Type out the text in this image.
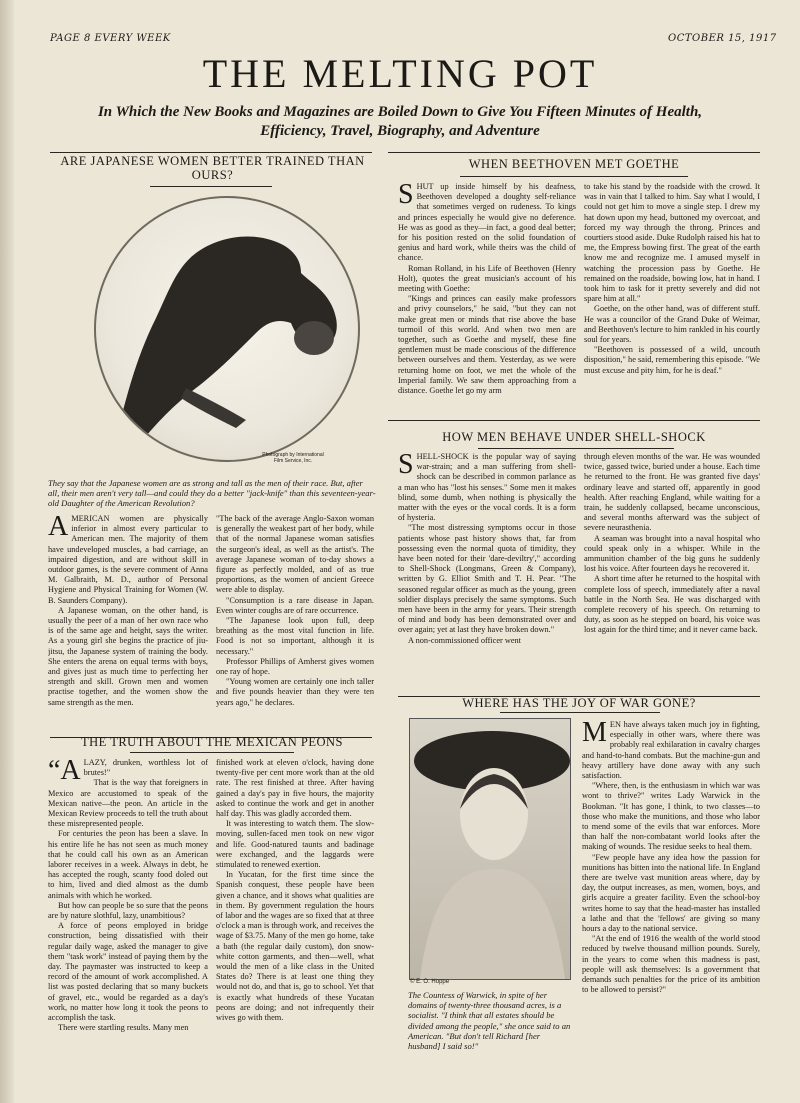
PAGE 8 EVERY WEEK	OCTOBER 15, 1917
THE MELTING POT
In Which the New Books and Magazines are Boiled Down to Give You Fifteen Minutes of Health, Efficiency, Travel, Biography, and Adventure
ARE JAPANESE WOMEN BETTER TRAINED THAN OURS?
Photograph by International Film Service, Inc.
They say that the Japanese women are as strong and tall as the men of their race. But, after all, their men aren't very tall—and could they do a better "jack-knife" than this seventeen-year-old Daughter of the American Revolution?

AMERICAN women are physically inferior in almost every particular to American men. The majority of them have undeveloped muscles, a bad carriage, an impaired digestion, and are without skill in outdoor games, is the severe comment of Anna M. Galbraith, M. D., author of Personal Hygiene and Physical Training for Women (W. B. Saunders Company).

A Japanese woman, on the other hand, is usually the peer of a man of her own race who is of the same age and height, says the writer. As a young girl she begins the practice of jiu-jitsu, the Japanese system of training the body. She enters the arena on equal terms with boys, and gives just as much time to perfecting her strength and skill. Grown men and women practise together, and the women show the same strength as the men.

"The back of the average Anglo-Saxon woman is generally the weakest part of her body, while that of the normal Japanese woman satisfies the surgeon's ideal, as well as the artist's. The average Japanese woman of to-day shows a figure as perfectly molded, and of as true proportions, as the women of ancient Greece were able to display.

"Consumption is a rare disease in Japan. Even winter coughs are of rare occurrence.

"The Japanese look upon full, deep breathing as the most vital function in life. Food is not so important, although it is necessary."

Professor Phillips of Amherst gives women one ray of hope.

"Young women are certainly one inch taller and five pounds heavier than they were ten years ago," he declares.

WHEN BEETHOVEN MET GOETHE

SHUT up inside himself by his deafness, Beethoven developed a doughty self-reliance that sometimes verged on rudeness. To kings and princes especially he would give no deference. He was as good as they—in fact, a good deal better; for his position rested on the solid foundation of genius and hard work, while theirs was the child of chance.

Roman Rolland, in his Life of Beethoven (Henry Holt), quotes the great musician's account of his meeting with Goethe:

"Kings and princes can easily make professors and privy counselors," he said, "but they can not make great men or minds that rise above the base turmoil of this world. And when two men are together, such as Goethe and myself, these fine gentlemen must be made conscious of the difference between ourselves and them. Yesterday, as we were returning home on foot, we met the whole of the Imperial family. We saw them approaching from a distance. Goethe let go my arm

to take his stand by the roadside with the crowd. It was in vain that I talked to him. Say what I would, I could not get him to move a single step. I drew my hat down upon my head, buttoned my overcoat, and forced my way through the throng. Princes and courtiers stood aside. Duke Rudolph raised his hat to me, the Empress bowing first. The great of the earth know me and recognize me. I amused myself in watching the procession pass by Goethe. He remained on the roadside, bowing low, hat in hand. I took him to task for it pretty severely and did not spare him at all."

Goethe, on the other hand, was of different stuff. He was a councilor of the Grand Duke of Weimar, and Beethoven's lecture to him rankled in his courtly soul for years.

"Beethoven is possessed of a wild, uncouth disposition," he said, remembering this episode. "We must excuse and pity him, for he is deaf."

HOW MEN BEHAVE UNDER SHELL-SHOCK

SHELL-SHOCK is the popular way of saying war-strain; and a man suffering from shell-shock can be described in common parlance as a man who has "lost his senses." Some men it makes blind, some dumb, when nothing is physically the matter with the eyes or the vocal cords. It is a form of hysteria.

"The most distressing symptoms occur in those patients whose past history shows that, far from possessing even the normal quota of timidity, they have been noted for their 'dare-deviltry'," according to Shell-Shock (Longmans, Green & Company), written by G. Elliot Smith and T. H. Pear. "The seasoned regular officer as much as the young, green soldier displays precisely the same symptoms. Such men have been in the army for years. Their strength of mind and body has been demonstrated over and over again; yet at last they have broken down."

A non-commissioned officer went

through eleven months of the war. He was wounded twice, gassed twice, buried under a house. Each time he returned to the front. He was granted five days' ordinary leave and started off, apparently in good health. After reaching England, while waiting for a train, he suddenly collapsed, became unconscious, and several months afterward was the subject of severe neurasthenia.

A seaman was brought into a naval hospital who could speak only in a whisper. While in the ammunition chamber of the big guns he suddenly lost his voice. After fourteen days he recovered it.

A short time after he returned to the hospital with complete loss of speech, immediately after a naval battle in the North Sea. He was discharged with complete recovery of his speech. On returning to duty, as soon as he stepped on board, his voice was lost again for the third time; and it never came back.

WHERE HAS THE JOY OF WAR GONE?
© E. O. Hoppe
The Countess of Warwick, in spite of her domains of twenty-three thousand acres, is a socialist. "I think that all estates should be divided among the people," she once said to an American. "But don't tell Richard [her husband] I said so!"

MEN have always taken much joy in fighting, especially in other wars, where there was probably real exhilaration in cavalry charges and hand-to-hand combats. But the machine-gun and heavy artillery have done away with any such satisfaction.

"Where, then, is the enthusiasm in which war was wont to thrive?" writes Lady Warwick in the Bookman. "It has gone, I think, to two classes—to those who make the munitions, and those who labor to mend some of the evils that war enforces. More than half the non-combatant world looks after the making of wounds. The residue seeks to heal them.

"Few people have any idea how the passion for munitions has bitten into the national life. In England there are twelve vast munition areas where, day by day, the output increases, as men, women, boys, and girls acquire a greater facility. Even the school-boy writes home to say that the head-master has installed a lathe and that the 'fellows' are giving so many hours a day to the national service.

"At the end of 1916 the wealth of the world stood reduced by twelve thousand million pounds. Surely, in the years to come when this madness is past, people will ask themselves: Is a government that demands such penalties for the price of its ambition to be allowed to persist?"

THE TRUTH ABOUT THE MEXICAN PEONS

“ALAZY, drunken, worthless lot of brutes!"

That is the way that foreigners in Mexico are accustomed to speak of the Mexican native—the peon. An article in the Mexican Review proceeds to tell the truth about these misrepresented people.

For centuries the peon has been a slave. In his entire life he has not seen as much money that he could call his own as an American laborer receives in a week. Always in debt, he has accepted the rough, scanty food doled out to him, lived and died almost as the dumb animals with which he worked.

But how can people be so sure that the peons are by nature slothful, lazy, unambitious?

A force of peons employed in bridge construction, being dissatisfied with their regular daily wage, asked the manager to give them "task work" instead of paying them by the day. The paymaster was instructed to keep a record of the amount of work accomplished. A list was posted declaring that so many buckets of gravel, etc., would be regarded as a day's work, no matter how long it took the peons to accomplish the task.

There were startling results. Many men

finished work at eleven o'clock, having done twenty-five per cent more work than at the old rate. The rest finished at three. After having gained a day's pay in five hours, the majority asked to continue the work and get in another half day. This was gladly accorded them.

It was interesting to watch them. The slow-moving, sullen-faced men took on new vigor and life. Good-natured taunts and badinage were exchanged, and the laggards were stimulated to renewed exertion.

In Yucatan, for the first time since the Spanish conquest, these people have been given a chance, and it shows what qualities are in them. By government regulation the hours of labor and the wages are so fixed that at three o'clock a man is through work, and receives the wage of $3.75. Many of the men go home, take a bath (the regular daily custom), don snow-white cotton garments, and then—well, what would the men of a like class in the United States do? There is at least one thing they would not do, and that is, go to school. Yet that is exactly what hundreds of these Yucatan peons are doing; and not infrequently their wives go with them.
